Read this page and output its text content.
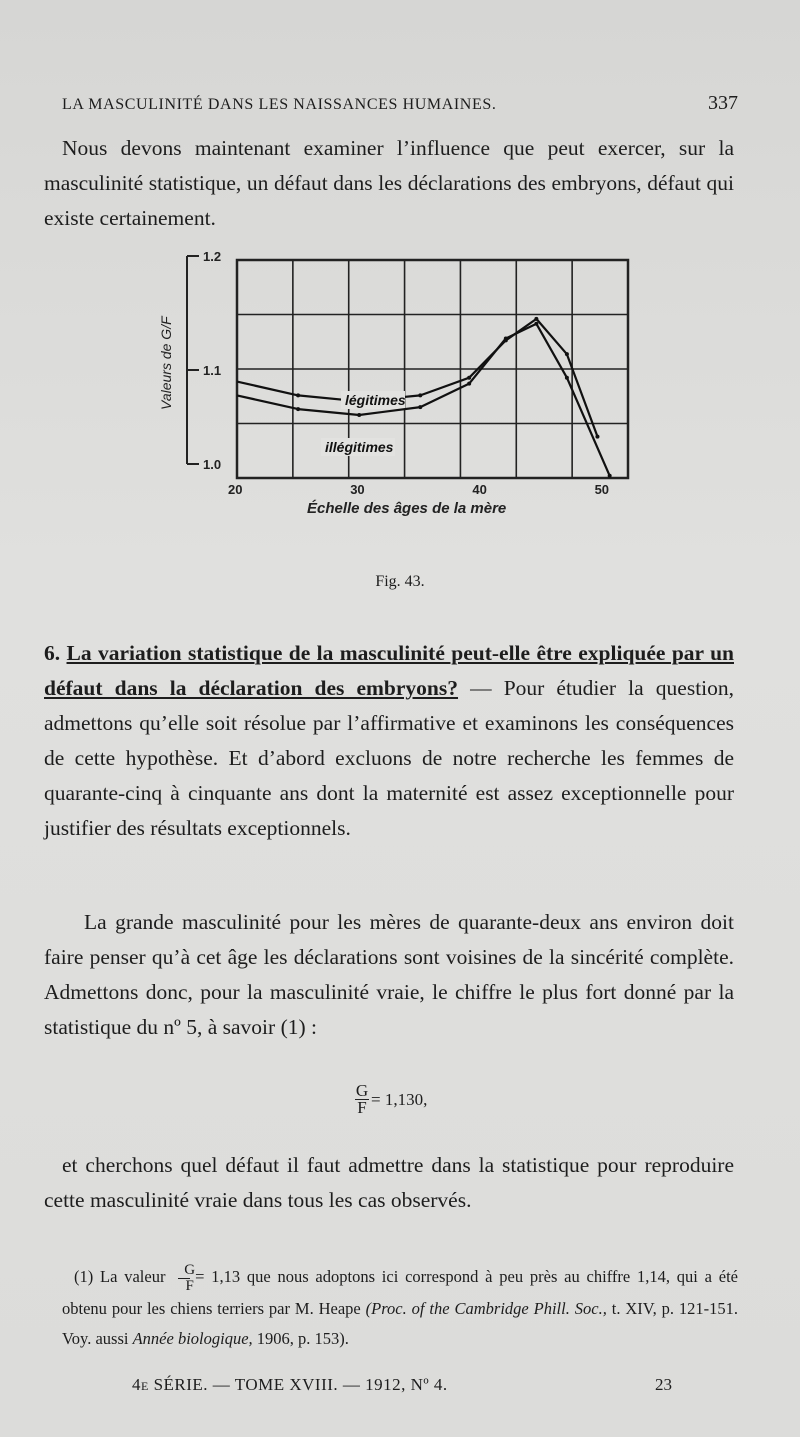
LA MASCULINITÉ DANS LES NAISSANCES HUMAINES.	337
Nous devons maintenant examiner l’influence que peut exercer, sur la masculinité statistique, un défaut dans les déclarations des embryons, défaut qui existe certainement.
1.2
1.1
1.0
Valeurs de G/F
20	30	40	50
Échelle des âges de la mère
légitimes
illégitimes
Fig. 43.
6. La variation statistique de la masculinité peut-elle être expliquée par un défaut dans la déclaration des embryons? — Pour étudier la question, admettons qu’elle soit résolue par l’affirmative et examinons les conséquences de cette hypothèse. Et d’abord excluons de notre recherche les femmes de quarante-cinq à cinquante ans dont la maternité est assez exceptionnelle pour justifier des résultats exceptionnels.
La grande masculinité pour les mères de quarante-deux ans environ doit faire penser qu’à cet âge les déclarations sont voisines de la sincérité complète. Admettons donc, pour la masculinité vraie, le chiffre le plus fort donné par la statistique du nº 5, à savoir (1) :
$\frac{G}{F} = 1,130$,
et cherchons quel défaut il faut admettre dans la statistique pour reproduire cette masculinité vraie dans tous les cas observés.
(1) La valeur $\frac{G}{F} = 1,13$ que nous adoptons ici correspond à peu près au chiffre 1,14, qui a été obtenu pour les chiens terriers par M. Heape (Proc. of the Cambridge Phill. Soc., t. XIV, p. 121-151. Voy. aussi Année biologique, 1906, p. 153).
4e SÉRIE. — TOME XVIII. — 1912, Nº 4.	23
